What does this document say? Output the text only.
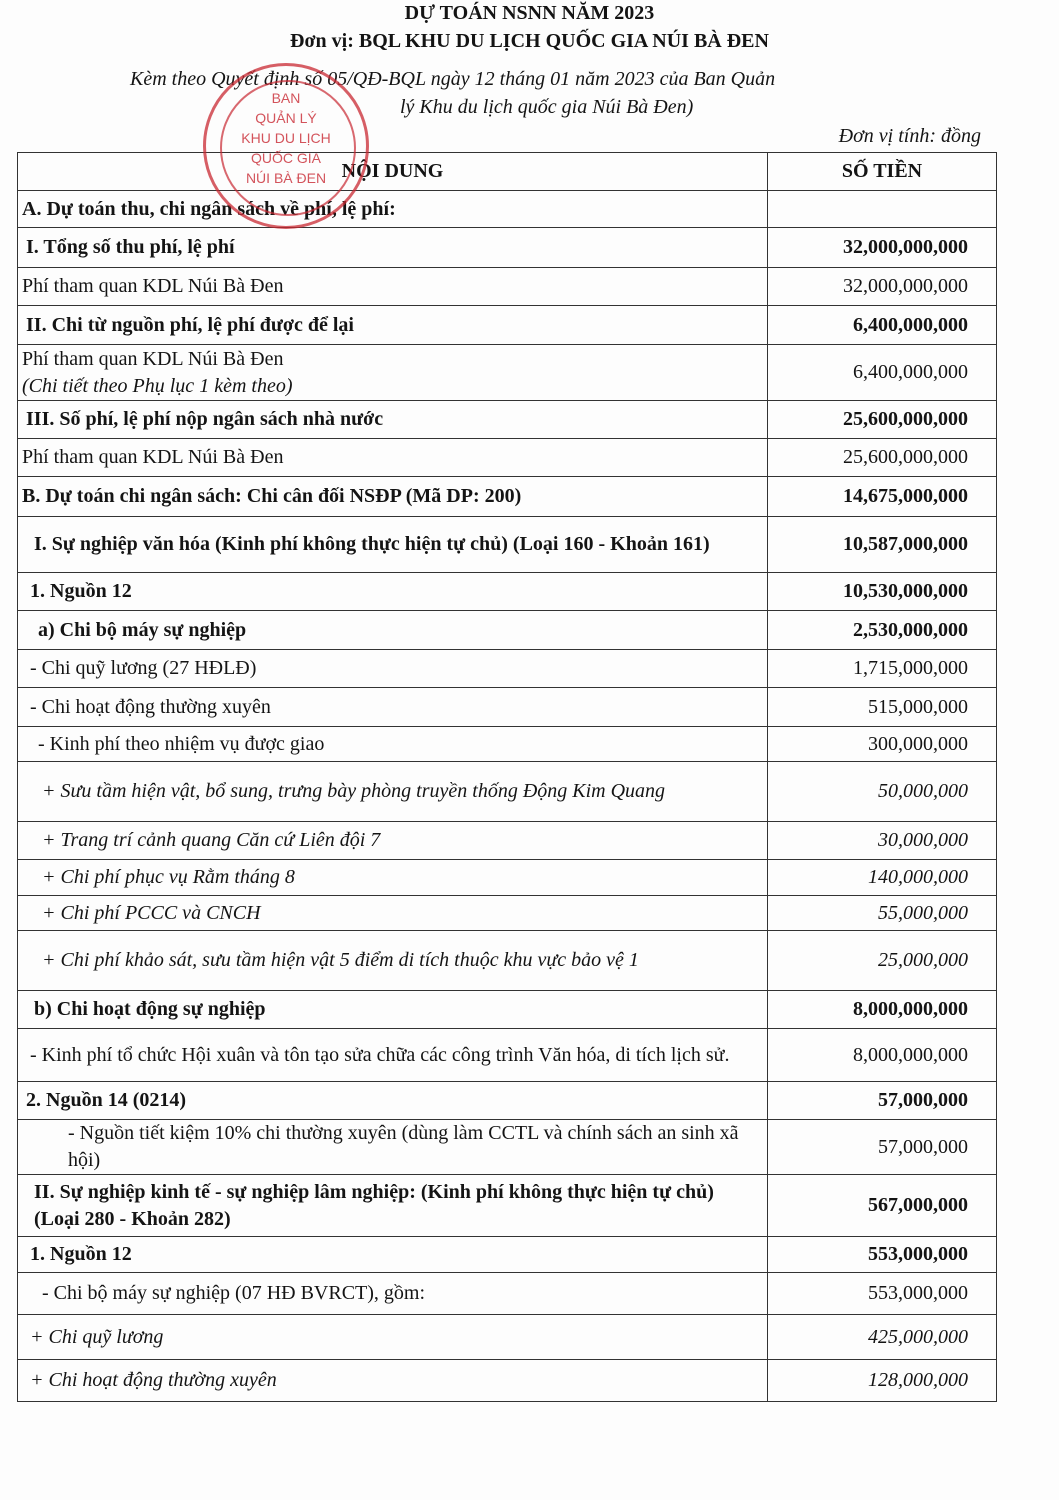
DỰ TOÁN NSNN NĂM 2023
Đơn vị: BQL KHU DU LỊCH QUỐC GIA NÚI BÀ ĐEN
Kèm theo Quyết định số 05/QĐ-BQL ngày 12 tháng 01 năm 2023 của Ban Quản
lý Khu du lịch quốc gia Núi Bà Đen)
Đơn vị tính: đồng
NỘI DUNG	SỐ TIỀN
A. Dự toán thu, chi ngân sách về phí, lệ phí:	
I. Tổng số thu phí, lệ phí	32,000,000,000
Phí tham quan KDL Núi Bà Đen	32,000,000,000
II. Chi từ nguồn phí, lệ phí được để lại	6,400,000,000
Phí tham quan KDL Núi Bà Đen
(Chi tiết theo Phụ lục 1 kèm theo)	6,400,000,000
III. Số phí, lệ phí nộp ngân sách nhà nước	25,600,000,000
Phí tham quan KDL Núi Bà Đen	25,600,000,000
B. Dự toán chi ngân sách: Chi cân đối NSĐP (Mã DP: 200)	14,675,000,000
I. Sự nghiệp văn hóa (Kinh phí không thực hiện tự chủ) (Loại 160 - Khoản 161)	10,587,000,000
1. Nguồn 12	10,530,000,000
a) Chi bộ máy sự nghiệp	2,530,000,000
- Chi quỹ lương (27 HĐLĐ)	1,715,000,000
- Chi hoạt động thường xuyên	515,000,000
- Kinh phí theo nhiệm vụ được giao	300,000,000
+ Sưu tầm hiện vật, bổ sung, trưng bày phòng truyền thống Động Kim Quang	50,000,000
+ Trang trí cảnh quang Căn cứ Liên đội 7	30,000,000
+ Chi phí phục vụ Rằm tháng 8	140,000,000
+ Chi phí PCCC và CNCH	55,000,000
+ Chi phí khảo sát, sưu tầm hiện vật 5 điểm di tích thuộc khu vực bảo vệ 1	25,000,000
b) Chi hoạt động sự nghiệp	8,000,000,000
- Kinh phí tổ chức Hội xuân và tôn tạo sửa chữa các công trình Văn hóa, di tích lịch sử.	8,000,000,000
2. Nguồn 14 (0214)	57,000,000
- Nguồn tiết kiệm 10% chi thường xuyên (dùng làm CCTL và chính sách an sinh xã hội)	57,000,000
II. Sự nghiệp kinh tế - sự nghiệp lâm nghiệp: (Kinh phí không thực hiện tự chủ) (Loại 280 - Khoản 282)	567,000,000
1. Nguồn 12	553,000,000
- Chi bộ máy sự nghiệp (07 HĐ BVRCT), gồm:	553,000,000
+ Chi quỹ lương	425,000,000
+ Chi hoạt động thường xuyên	128,000,000
BAN
QUẢN LÝ
KHU DU LỊCH
QUỐC GIA
NÚI BÀ ĐEN
